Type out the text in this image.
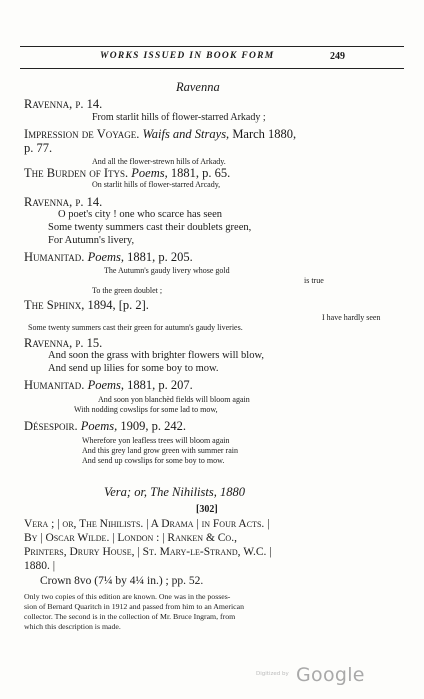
WORKS ISSUED IN BOOK FORM	249
Ravenna
Ravenna, p. 14.
From starlit hills of flower-starred Arkady ;
Impression de Voyage. Waifs and Strays, March 1880,
p. 77.
And all the flower-strewn hills of Arkady.
The Burden of Itys. Poems, 1881, p. 65.
On starlit hills of flower-starred Arcady,
Ravenna, p. 14.
O poet's city ! one who scarce has seen
Some twenty summers cast their doublets green,
For Autumn's livery,
Humanitad. Poems, 1881, p. 205.
The Autumn's gaudy livery whose gold
is true
To the green doublet ;
The Sphinx, 1894, [p. 2].
I have hardly seen
Some twenty summers cast their green for autumn's gaudy liveries.
Ravenna, p. 15.
And soon the grass with brighter flowers will blow,
And send up lilies for some boy to mow.
Humanitad. Poems, 1881, p. 207.
And soon yon blanchèd fields will bloom again
With nodding cowslips for some lad to mow,
Désespoir. Poems, 1909, p. 242.
Wherefore yon leafless trees will bloom again
And this grey land grow green with summer rain
And send up cowslips for some boy to mow.
Vera; or, The Nihilists, 1880
[302]
Vera ; | or, The Nihilists. | A Drama | in Four Acts. |
By | Oscar Wilde. | London : | Ranken & Co.,
Printers, Drury House, | St. Mary-le-Strand, W.C. |
1880. |
Crown 8vo (7¼ by 4¼ in.) ; pp. 52.
Only two copies of this edition are known. One was in the posses-
sion of Bernard Quaritch in 1912 and passed from him to an American
collector. The second is in the collection of Mr. Bruce Ingram, from
which this description is made.
Digitized by Google
